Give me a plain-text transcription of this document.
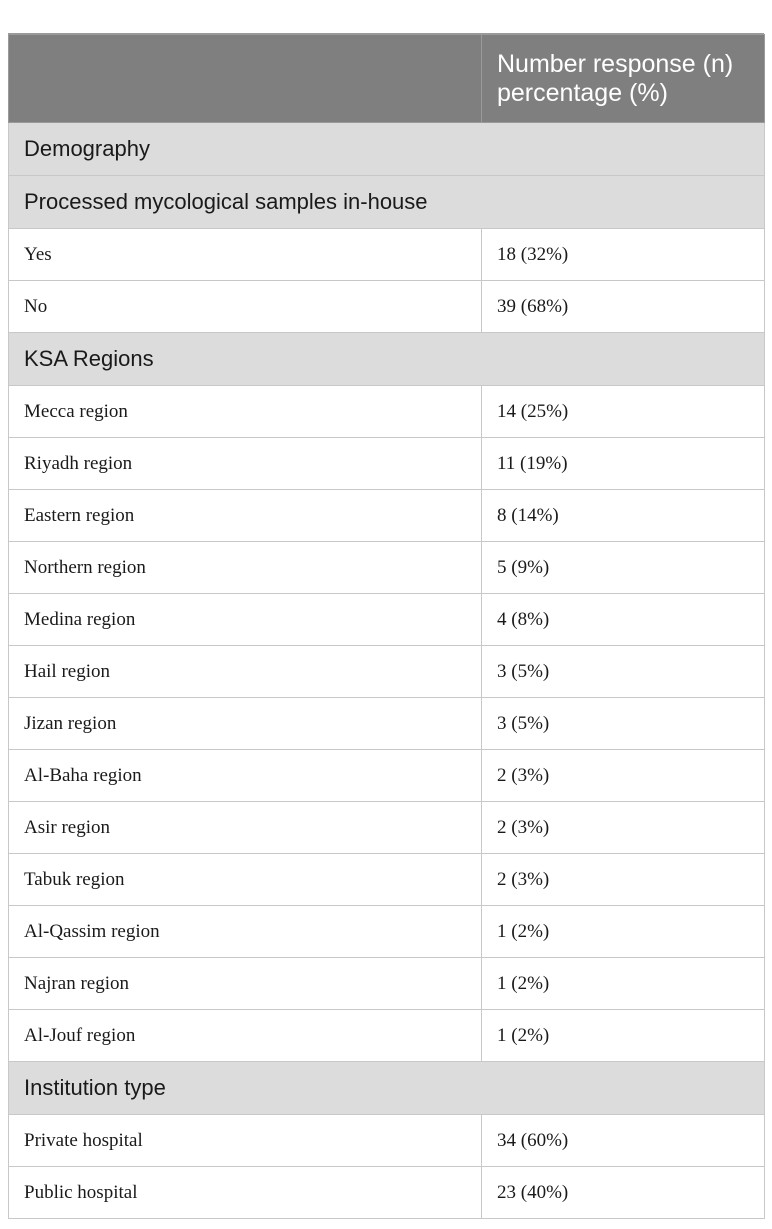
	Number response (n) percentage (%)
Demography	
Processed mycological samples in-house	
Yes	18 (32%)
No	39 (68%)
KSA Regions	
Mecca region	14 (25%)
Riyadh region	11 (19%)
Eastern region	8 (14%)
Northern region	5 (9%)
Medina region	4 (8%)
Hail region	3 (5%)
Jizan region	3 (5%)
Al-Baha region	2 (3%)
Asir region	2 (3%)
Tabuk region	2 (3%)
Al-Qassim region	1 (2%)
Najran region	1 (2%)
Al-Jouf region	1 (2%)
Institution type	
Private hospital	34 (60%)
Public hospital	23 (40%)
